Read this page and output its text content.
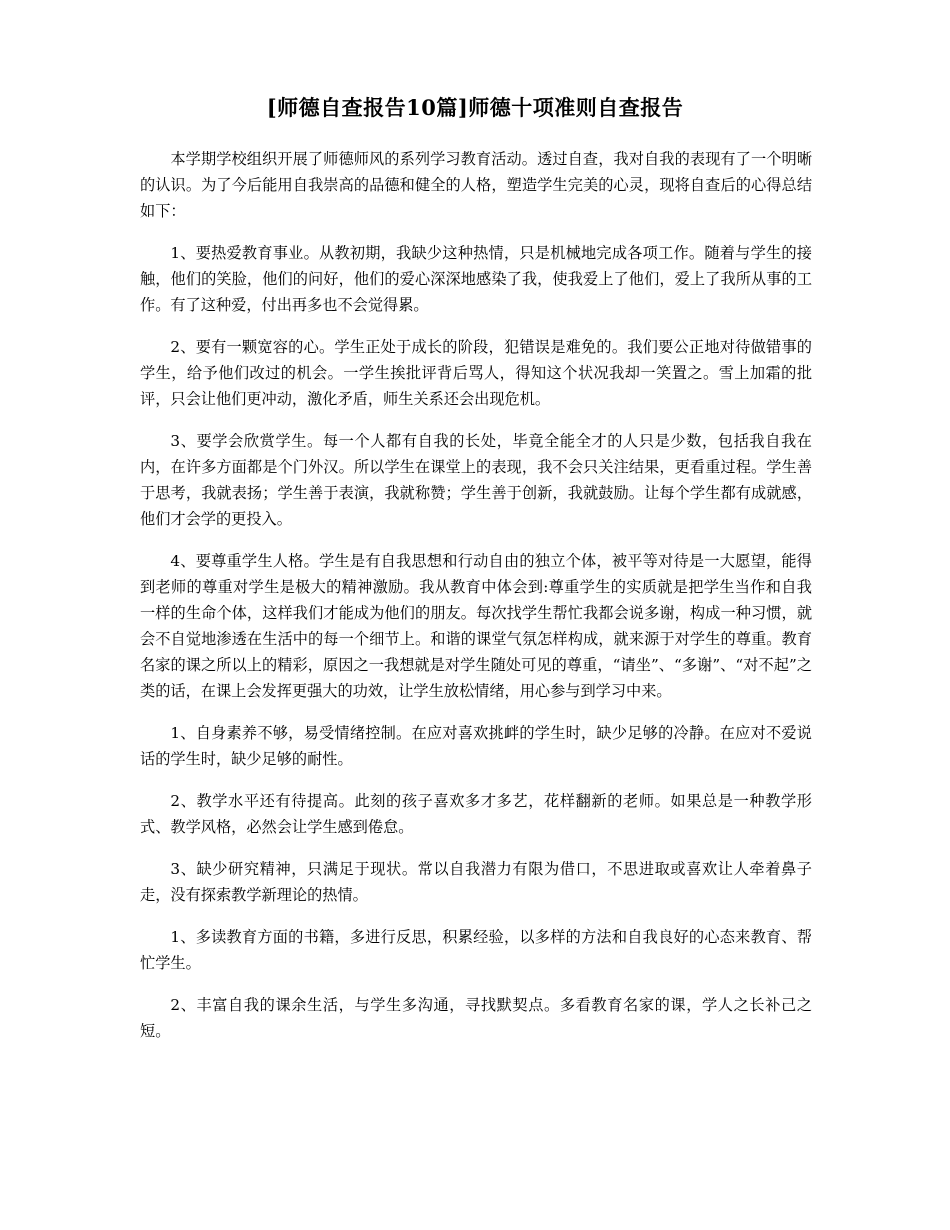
[师德自查报告10篇]师德十项准则自查报告

本学期学校组织开展了师德师风的系列学习教育活动。透过自查，我对自我的表现有了一个明晰的认识。为了今后能用自我崇高的品德和健全的人格，塑造学生完美的心灵，现将自查后的心得总结如下：

1、要热爱教育事业。从教初期，我缺少这种热情，只是机械地完成各项工作。随着与学生的接触，他们的笑脸，他们的问好，他们的爱心深深地感染了我，使我爱上了他们，爱上了我所从事的工作。有了这种爱，付出再多也不会觉得累。

2、要有一颗宽容的心。学生正处于成长的阶段，犯错误是难免的。我们要公正地对待做错事的学生，给予他们改过的机会。一学生挨批评背后骂人，得知这个状况我却一笑置之。雪上加霜的批评，只会让他们更冲动，激化矛盾，师生关系还会出现危机。

3、要学会欣赏学生。每一个人都有自我的长处，毕竟全能全才的人只是少数，包括我自我在内，在许多方面都是个门外汉。所以学生在课堂上的表现，我不会只关注结果，更看重过程。学生善于思考，我就表扬；学生善于表演，我就称赞；学生善于创新，我就鼓励。让每个学生都有成就感，他们才会学的更投入。

4、要尊重学生人格。学生是有自我思想和行动自由的独立个体，被平等对待是一大愿望，能得到老师的尊重对学生是极大的精神激励。我从教育中体会到:尊重学生的实质就是把学生当作和自我一样的生命个体，这样我们才能成为他们的朋友。每次找学生帮忙我都会说多谢，构成一种习惯，就会不自觉地渗透在生活中的每一个细节上。和谐的课堂气氛怎样构成，就来源于对学生的尊重。教育名家的课之所以上的精彩，原因之一我想就是对学生随处可见的尊重，“请坐”、“多谢”、“对不起”之类的话，在课上会发挥更强大的功效，让学生放松情绪，用心参与到学习中来。

1、自身素养不够，易受情绪控制。在应对喜欢挑衅的学生时，缺少足够的冷静。在应对不爱说话的学生时，缺少足够的耐性。

2、教学水平还有待提高。此刻的孩子喜欢多才多艺，花样翻新的老师。如果总是一种教学形式、教学风格，必然会让学生感到倦怠。

3、缺少研究精神，只满足于现状。常以自我潜力有限为借口，不思进取或喜欢让人牵着鼻子走，没有探索教学新理论的热情。

1、多读教育方面的书籍，多进行反思，积累经验，以多样的方法和自我良好的心态来教育、帮忙学生。

2、丰富自我的课余生活，与学生多沟通，寻找默契点。多看教育名家的课，学人之长补己之短。
